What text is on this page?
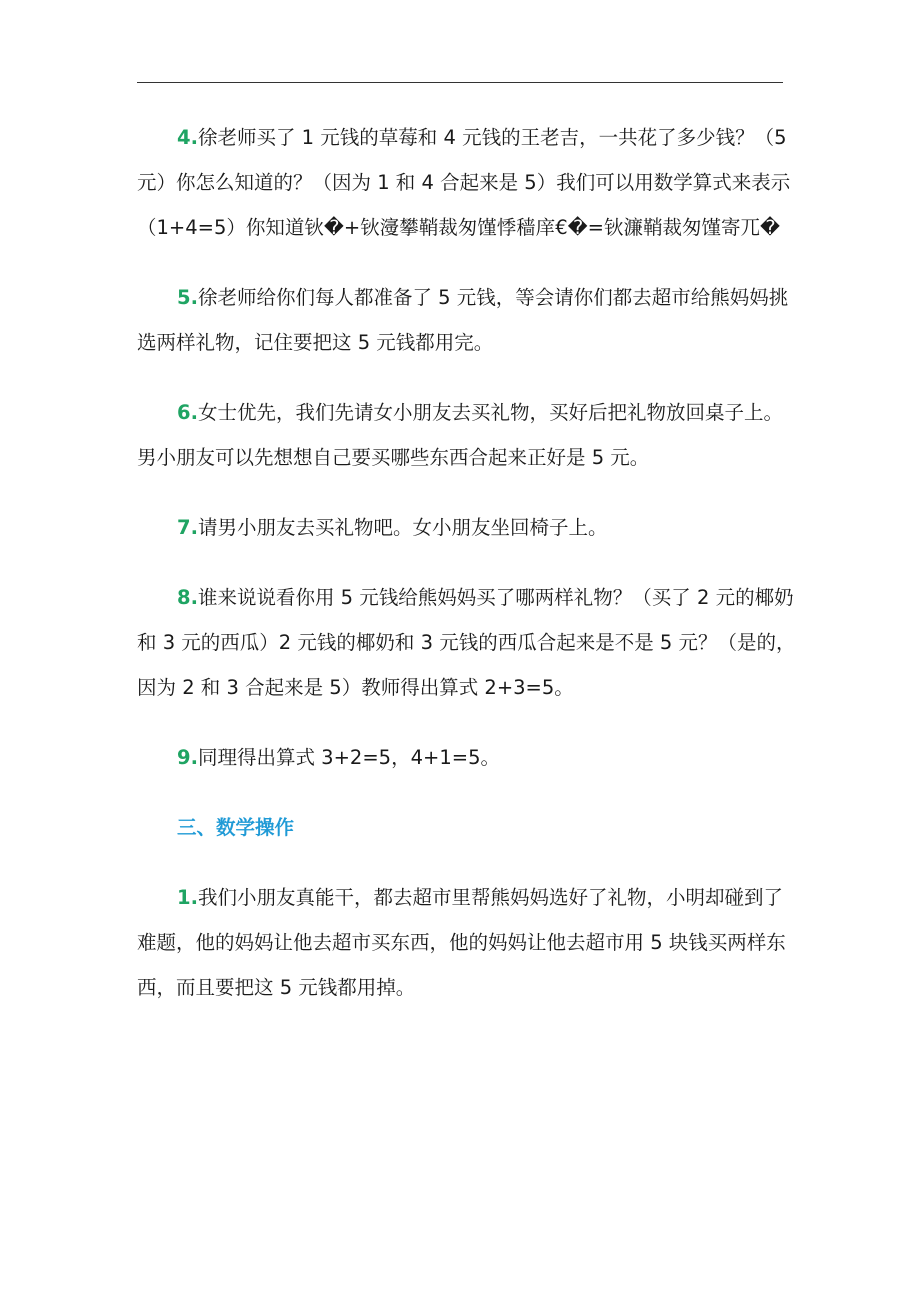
4.徐老师买了 1 元钱的草莓和 4 元钱的王老吉，一共花了多少钱？（5 元）你怎么知道的？（因为 1 和 4 合起来是 5）我们可以用数学算式来表示（1+4=5）你知道钬�+钬濅攀鞘裁匆馑悸穑庠€�=钬濂鞘裁匆馑寄兀�

5.徐老师给你们每人都准备了 5 元钱，等会请你们都去超市给熊妈妈挑选两样礼物，记住要把这 5 元钱都用完。

6.女士优先，我们先请女小朋友去买礼物，买好后把礼物放回桌子上。男小朋友可以先想想自己要买哪些东西合起来正好是 5 元。

7.请男小朋友去买礼物吧。女小朋友坐回椅子上。

8.谁来说说看你用 5 元钱给熊妈妈买了哪两样礼物？（买了 2 元的椰奶和 3 元的西瓜）2 元钱的椰奶和 3 元钱的西瓜合起来是不是 5 元？（是的，因为 2 和 3 合起来是 5）教师得出算式 2+3=5。

9.同理得出算式 3+2=5，4+1=5。

三、数学操作

1.我们小朋友真能干，都去超市里帮熊妈妈选好了礼物，小明却碰到了难题，他的妈妈让他去超市买东西，他的妈妈让他去超市用 5 块钱买两样东西，而且要把这 5 元钱都用掉。
